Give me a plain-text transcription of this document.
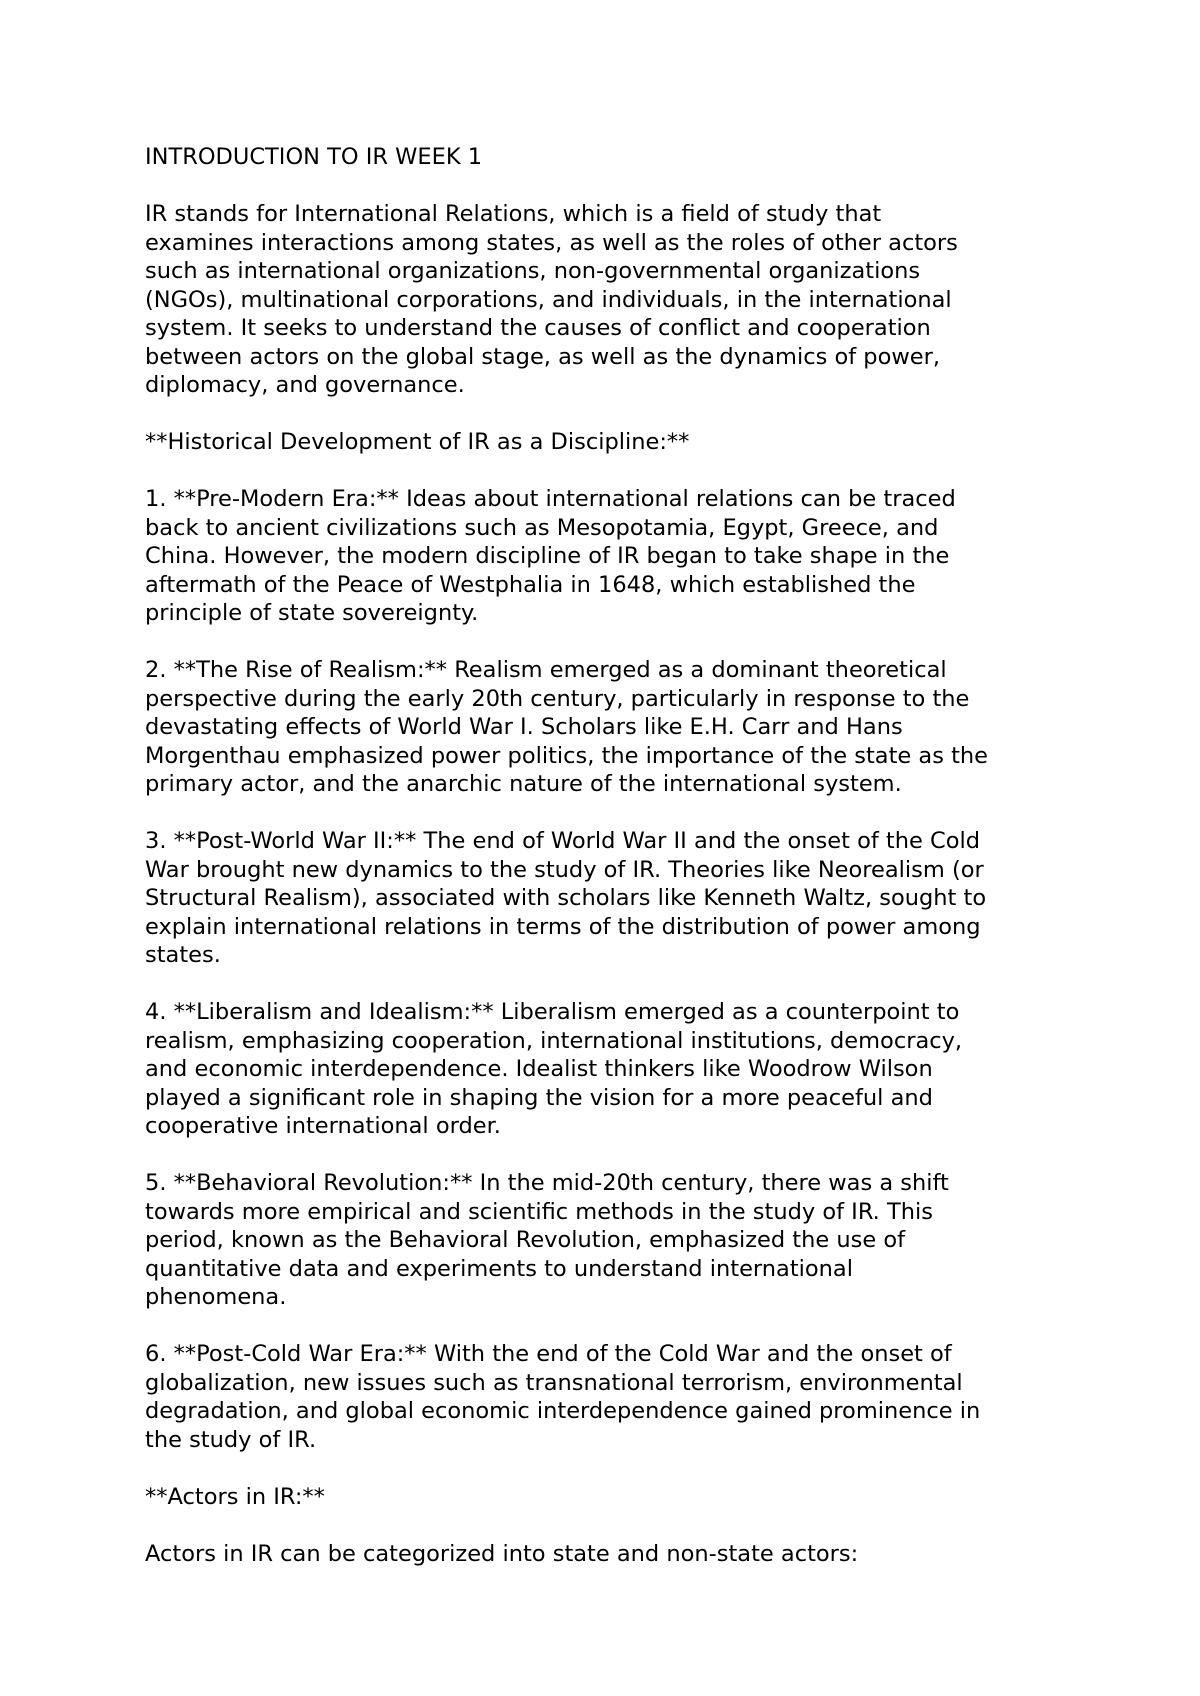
INTRODUCTION TO IR WEEK 1

IR stands for International Relations, which is a field of study that
examines interactions among states, as well as the roles of other actors
such as international organizations, non-governmental organizations
(NGOs), multinational corporations, and individuals, in the international
system. It seeks to understand the causes of conflict and cooperation
between actors on the global stage, as well as the dynamics of power,
diplomacy, and governance.

**Historical Development of IR as a Discipline:**

1. **Pre-Modern Era:** Ideas about international relations can be traced
back to ancient civilizations such as Mesopotamia, Egypt, Greece, and
China. However, the modern discipline of IR began to take shape in the
aftermath of the Peace of Westphalia in 1648, which established the
principle of state sovereignty.

2. **The Rise of Realism:** Realism emerged as a dominant theoretical
perspective during the early 20th century, particularly in response to the
devastating effects of World War I. Scholars like E.H. Carr and Hans
Morgenthau emphasized power politics, the importance of the state as the
primary actor, and the anarchic nature of the international system.

3. **Post-World War II:** The end of World War II and the onset of the Cold
War brought new dynamics to the study of IR. Theories like Neorealism (or
Structural Realism), associated with scholars like Kenneth Waltz, sought to
explain international relations in terms of the distribution of power among
states.

4. **Liberalism and Idealism:** Liberalism emerged as a counterpoint to
realism, emphasizing cooperation, international institutions, democracy,
and economic interdependence. Idealist thinkers like Woodrow Wilson
played a significant role in shaping the vision for a more peaceful and
cooperative international order.

5. **Behavioral Revolution:** In the mid-20th century, there was a shift
towards more empirical and scientific methods in the study of IR. This
period, known as the Behavioral Revolution, emphasized the use of
quantitative data and experiments to understand international
phenomena.

6. **Post-Cold War Era:** With the end of the Cold War and the onset of
globalization, new issues such as transnational terrorism, environmental
degradation, and global economic interdependence gained prominence in
the study of IR.

**Actors in IR:**

Actors in IR can be categorized into state and non-state actors:
